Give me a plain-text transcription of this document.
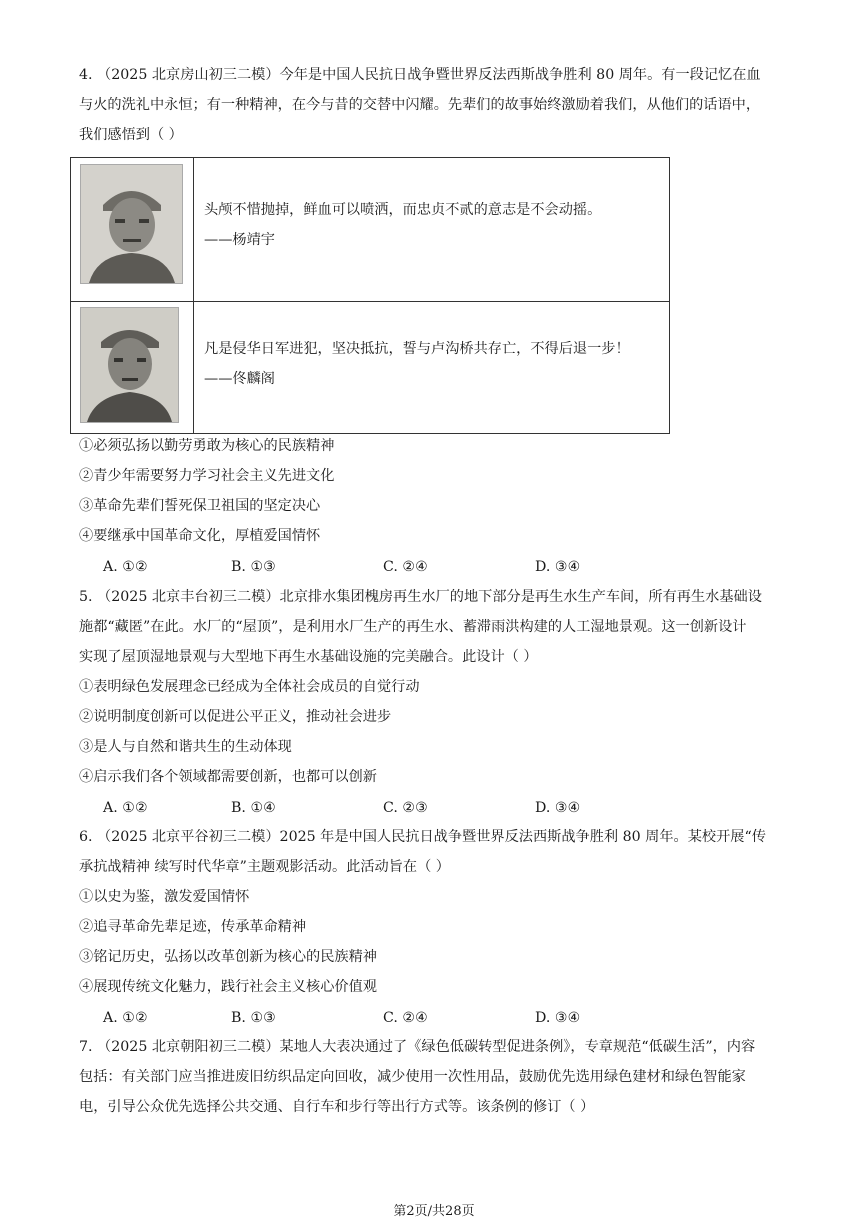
4. （2025 北京房山初三二模）今年是中国人民抗日战争暨世界反法西斯战争胜利 80 周年。有一段记忆在血
与火的洗礼中永恒；有一种精神，在今与昔的交替中闪耀。先辈们的故事始终激励着我们，从他们的话语中，
我们感悟到（ ）
头颅不惜抛掉，鲜血可以喷洒，而忠贞不贰的意志是不会动摇。
——杨靖宇
凡是侵华日军进犯，坚决抵抗，誓与卢沟桥共存亡，不得后退一步！
——佟麟阁
①必须弘扬以勤劳勇敢为核心的民族精神
②青少年需要努力学习社会主义先进文化
③革命先辈们誓死保卫祖国的坚定决心
④要继承中国革命文化，厚植爱国情怀
A. ①②	B. ①③	C. ②④	D. ③④
5. （2025 北京丰台初三二模）北京排水集团槐房再生水厂的地下部分是再生水生产车间，所有再生水基础设
施都“藏匿”在此。水厂的“屋顶”，是利用水厂生产的再生水、蓄滞雨洪构建的人工湿地景观。这一创新设计
实现了屋顶湿地景观与大型地下再生水基础设施的完美融合。此设计（ ）
①表明绿色发展理念已经成为全体社会成员的自觉行动
②说明制度创新可以促进公平正义，推动社会进步
③是人与自然和谐共生的生动体现
④启示我们各个领域都需要创新，也都可以创新
A. ①②	B. ①④	C. ②③	D. ③④
6. （2025 北京平谷初三二模）2025 年是中国人民抗日战争暨世界反法西斯战争胜利 80 周年。某校开展“传
承抗战精神 续写时代华章”主题观影活动。此活动旨在（ ）
①以史为鉴，激发爱国情怀
②追寻革命先辈足迹，传承革命精神
③铭记历史，弘扬以改革创新为核心的民族精神
④展现传统文化魅力，践行社会主义核心价值观
A. ①②	B. ①③	C. ②④	D. ③④
7. （2025 北京朝阳初三二模）某地人大表决通过了《绿色低碳转型促进条例》，专章规范“低碳生活”，内容
包括：有关部门应当推进废旧纺织品定向回收，减少使用一次性用品，鼓励优先选用绿色建材和绿色智能家
电，引导公众优先选择公共交通、自行车和步行等出行方式等。该条例的修订（ ）
第2页/共28页
